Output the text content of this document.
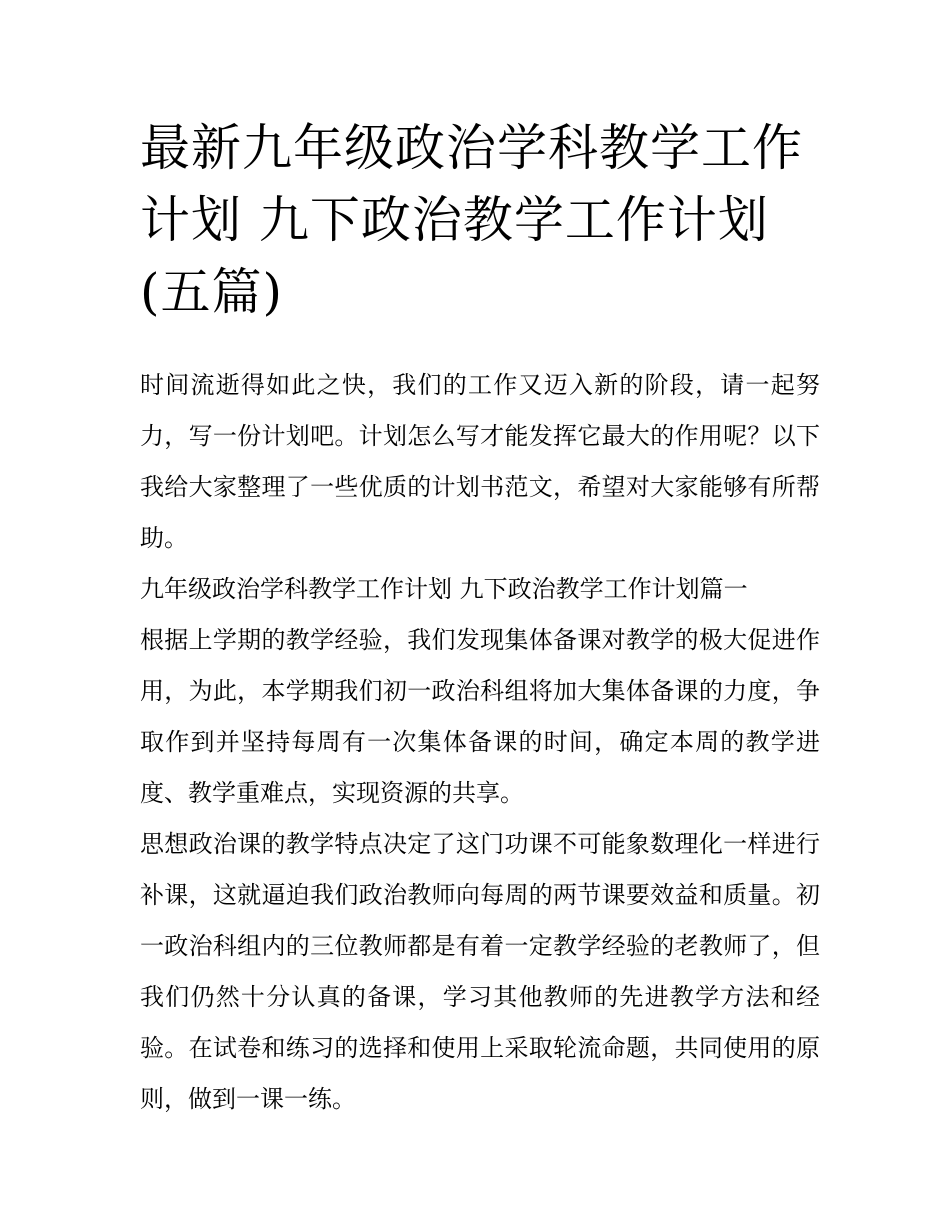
最新九年级政治学科教学工作计划 九下政治教学工作计划(五篇)

时间流逝得如此之快，我们的工作又迈入新的阶段，请一起努力，写一份计划吧。计划怎么写才能发挥它最大的作用呢？以下我给大家整理了一些优质的计划书范文，希望对大家能够有所帮助。

九年级政治学科教学工作计划 九下政治教学工作计划篇一

根据上学期的教学经验，我们发现集体备课对教学的极大促进作用，为此，本学期我们初一政治科组将加大集体备课的力度，争取作到并坚持每周有一次集体备课的时间，确定本周的教学进度、教学重难点，实现资源的共享。

思想政治课的教学特点决定了这门功课不可能象数理化一样进行补课，这就逼迫我们政治教师向每周的两节课要效益和质量。初一政治科组内的三位教师都是有着一定教学经验的老教师了，但我们仍然十分认真的备课，学习其他教师的先进教学方法和经验。在试卷和练习的选择和使用上采取轮流命题，共同使用的原则，做到一课一练。
